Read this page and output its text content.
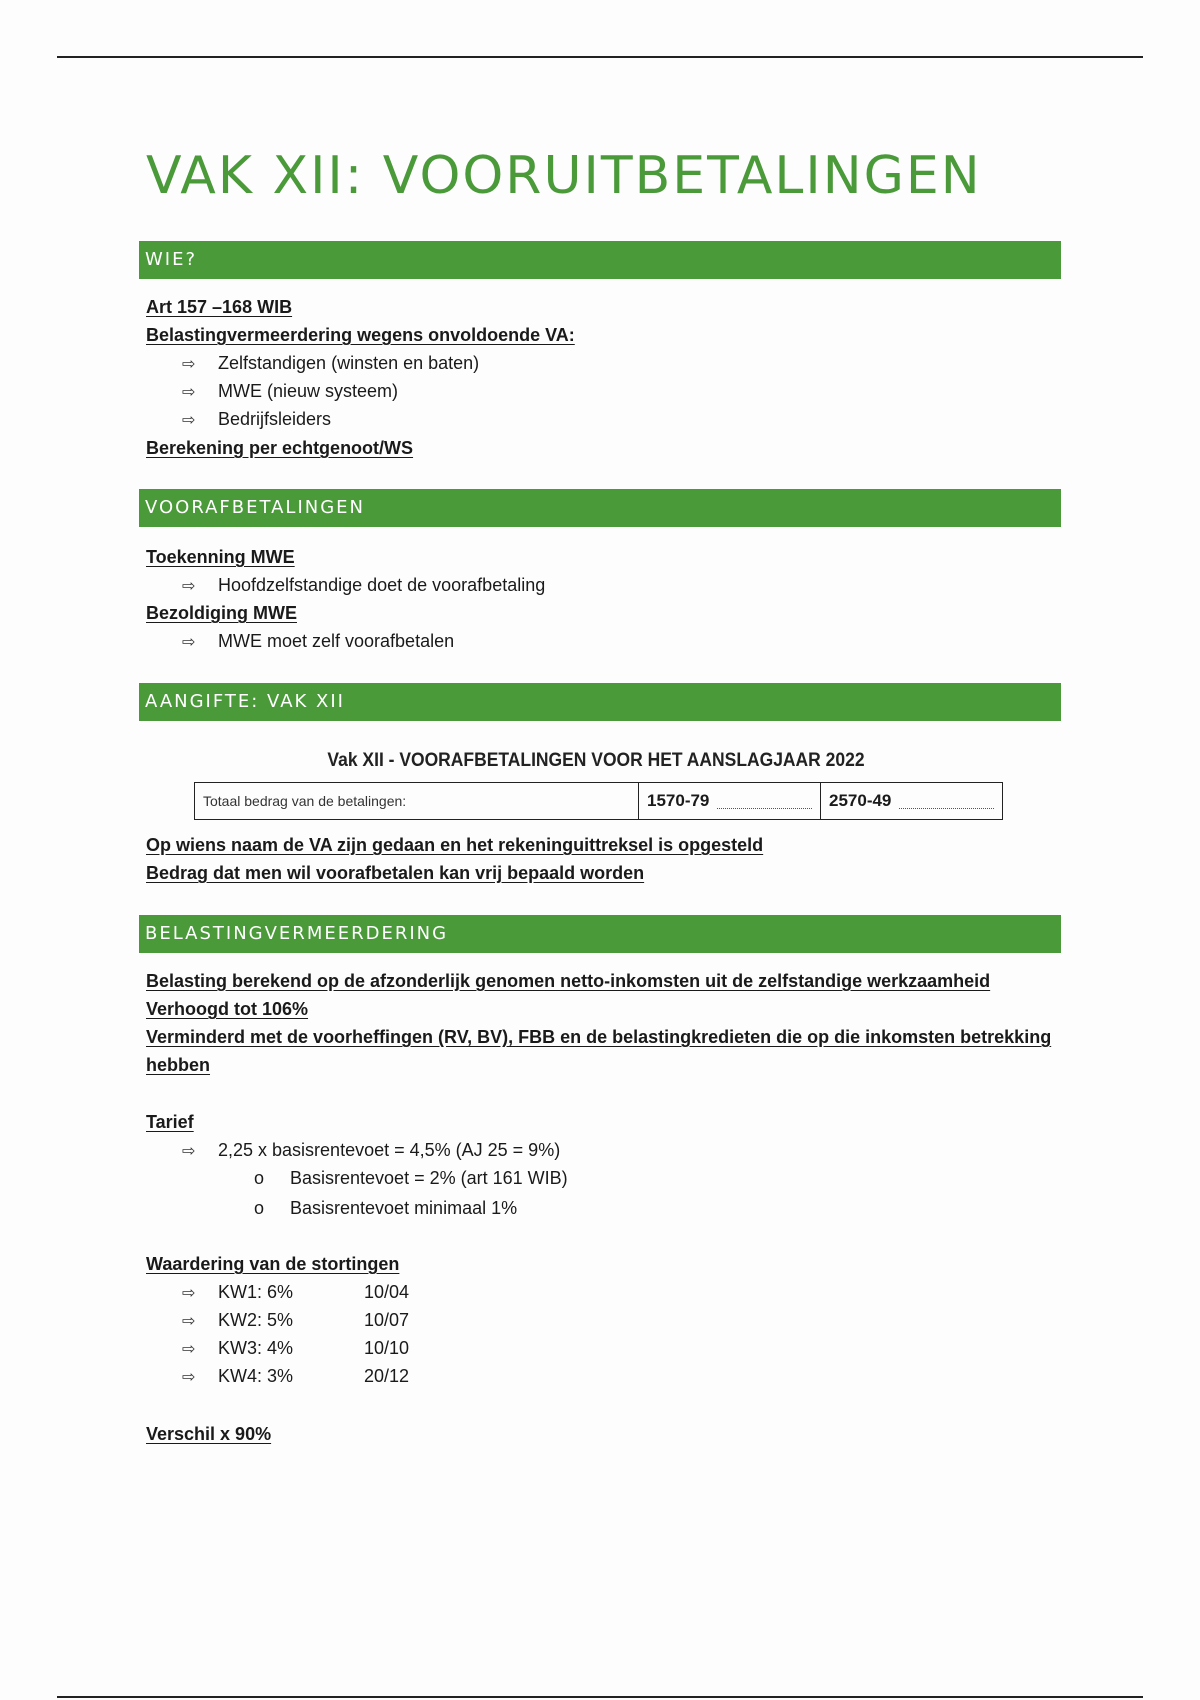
VAK XII: VOORUITBETALINGEN
WIE?
Art 157 –168 WIB
Belastingvermeerdering wegens onvoldoende VA:
⇨ Zelfstandigen (winsten en baten)
⇨ MWE (nieuw systeem)
⇨ Bedrijfsleiders
Berekening per echtgenoot/WS
VOORAFBETALINGEN
Toekenning MWE
⇨ Hoofdzelfstandige doet de voorafbetaling
Bezoldiging MWE
⇨ MWE moet zelf voorafbetalen
AANGIFTE: VAK XII
Vak XII - VOORAFBETALINGEN VOOR HET AANSLAGJAAR 2022
Totaal bedrag van de betalingen:	1570-79	2570-49
Op wiens naam de VA zijn gedaan en het rekeninguittreksel is opgesteld
Bedrag dat men wil voorafbetalen kan vrij bepaald worden
BELASTINGVERMEERDERING
Belasting berekend op de afzonderlijk genomen netto-inkomsten uit de zelfstandige werkzaamheid
Verhoogd tot 106%
Verminderd met de voorheffingen (RV, BV), FBB en de belastingkredieten die op die inkomsten betrekking
hebben
Tarief
⇨ 2,25 x basisrentevoet = 4,5% (AJ 25 = 9%)
o Basisrentevoet = 2% (art 161 WIB)
o Basisrentevoet minimaal 1%
Waardering van de stortingen
⇨ KW1: 6%	10/04
⇨ KW2: 5%	10/07
⇨ KW3: 4%	10/10
⇨ KW4: 3%	20/12
Verschil x 90%
